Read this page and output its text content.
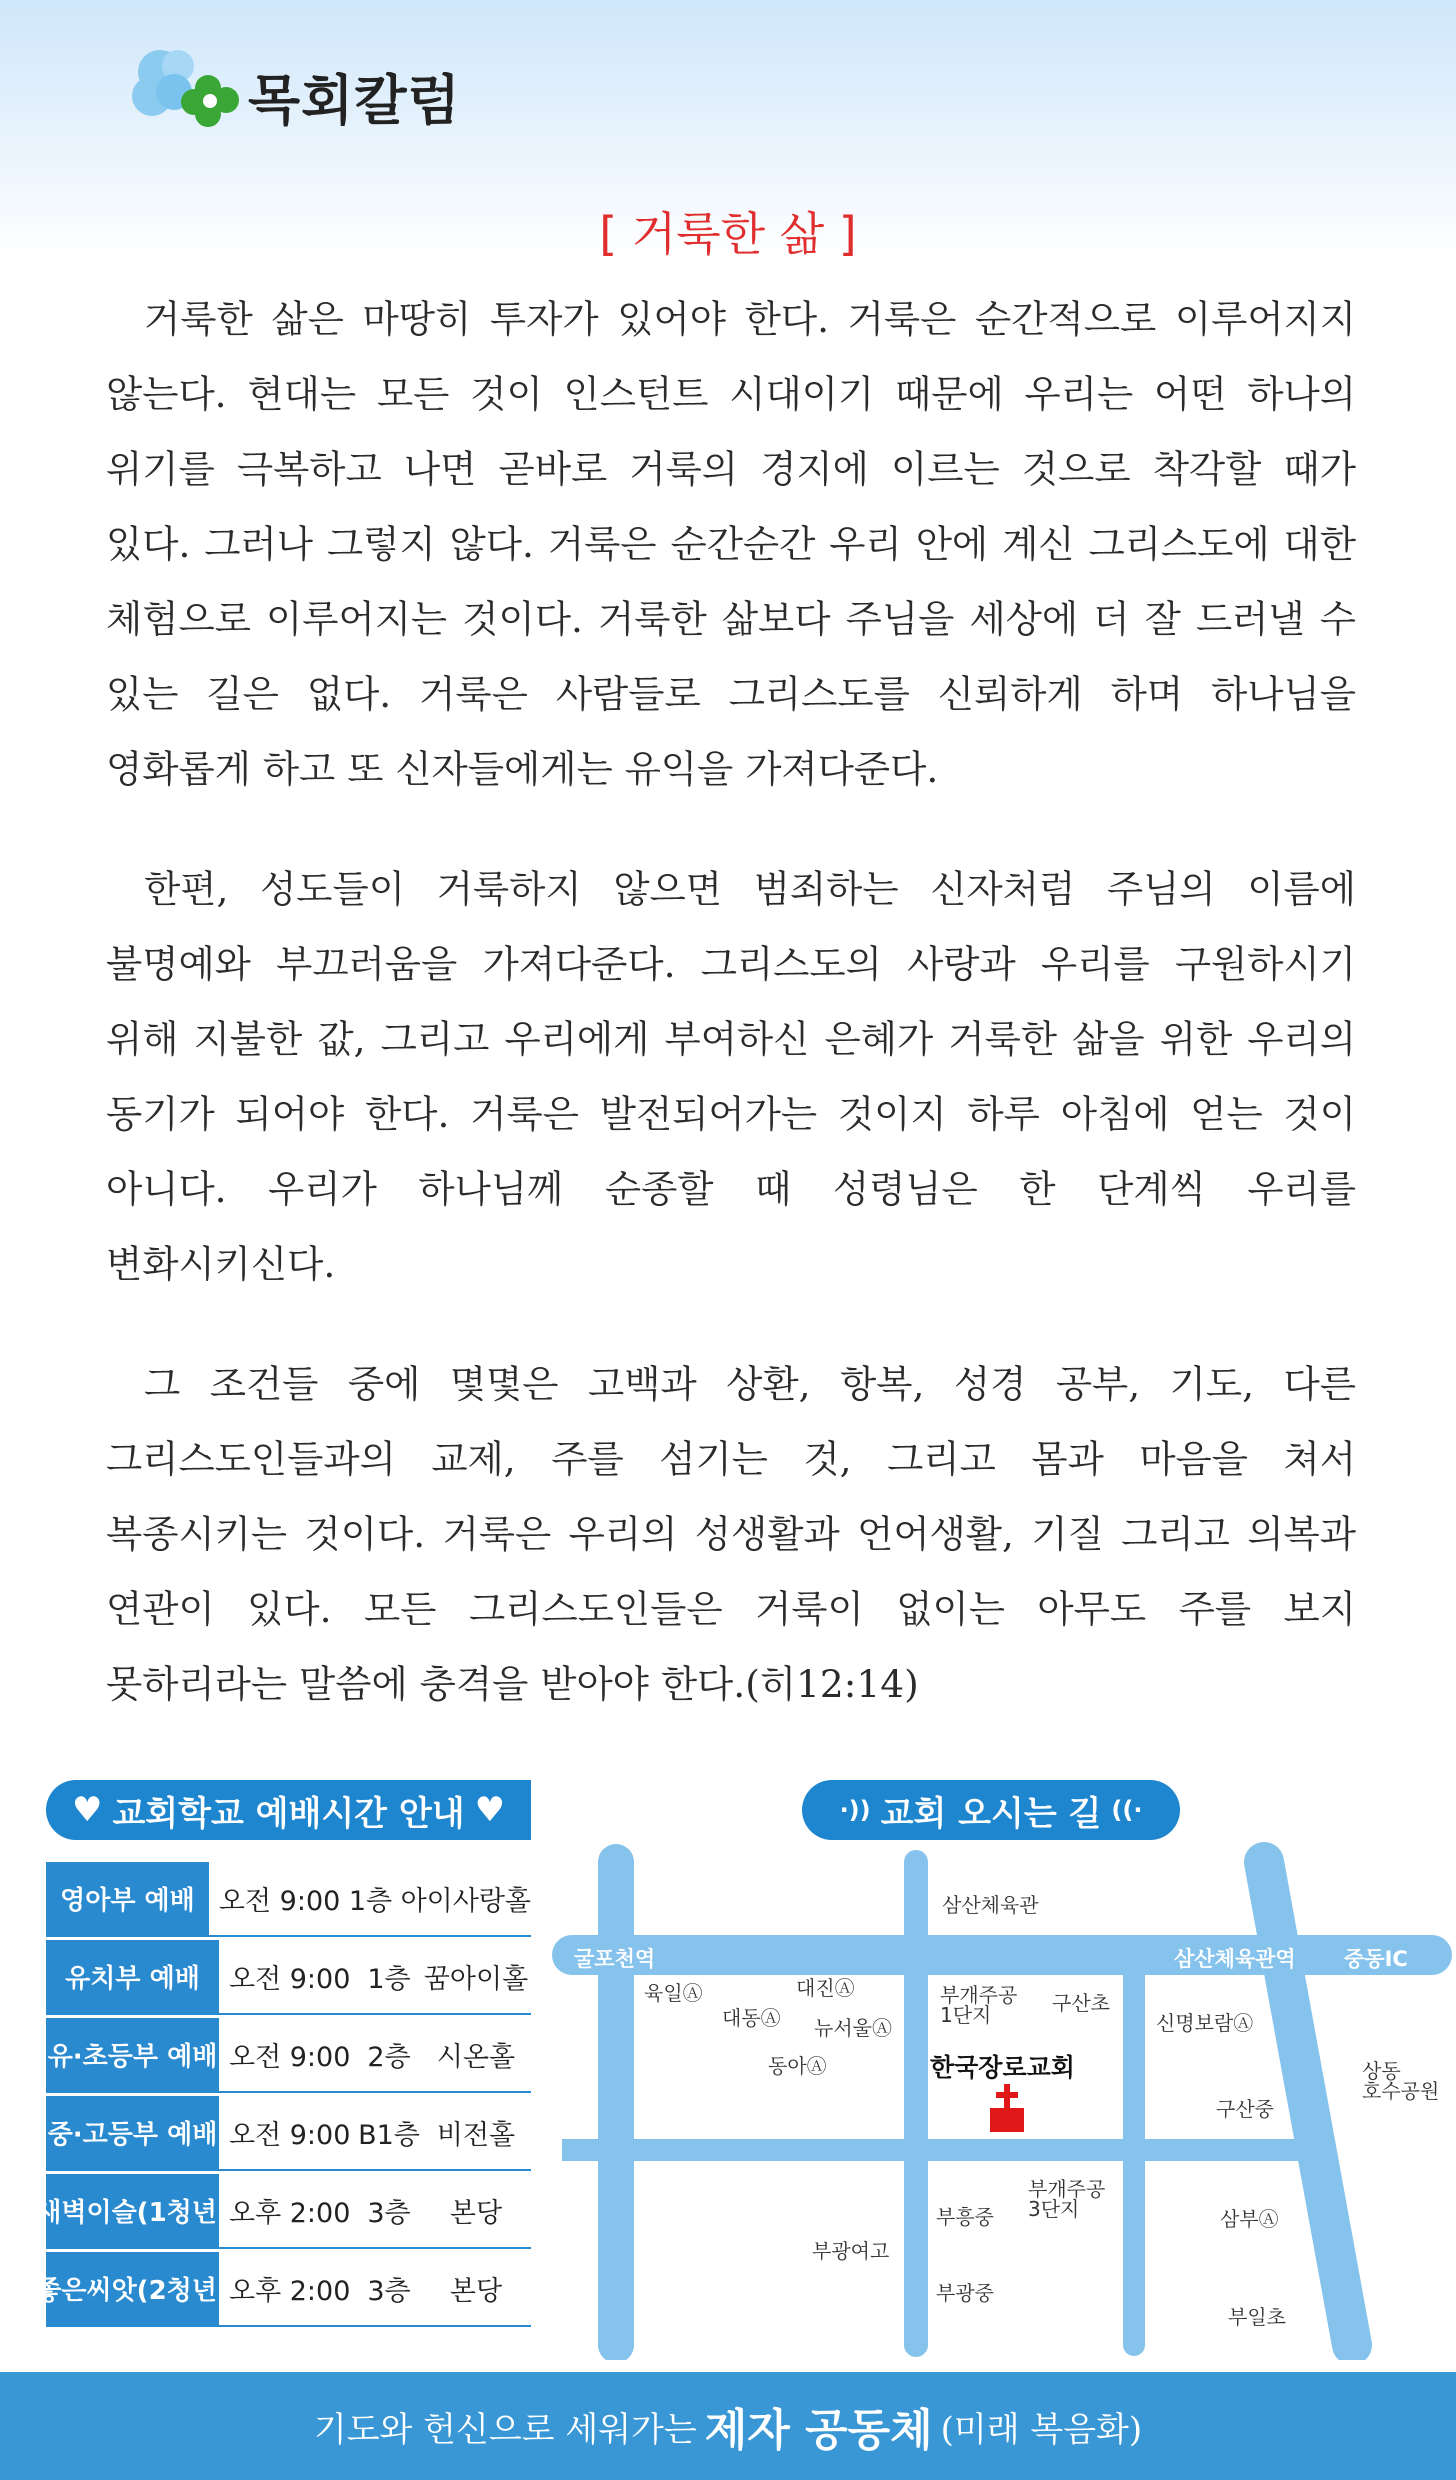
목회칼럼
[ 거룩한 삶 ]

거룩한 삶은 마땅히 투자가 있어야 한다. 거룩은 순간적으로 이루어지지 않는다. 현대는 모든 것이 인스턴트 시대이기 때문에 우리는 어떤 하나의 위기를 극복하고 나면 곧바로 거룩의 경지에 이르는 것으로 착각할 때가 있다. 그러나 그렇지 않다. 거룩은 순간순간 우리 안에 계신 그리스도에 대한 체험으로 이루어지는 것이다. 거룩한 삶보다 주님을 세상에 더 잘 드러낼 수 있는 길은 없다. 거룩은 사람들로 그리스도를 신뢰하게 하며 하나님을 영화롭게 하고 또 신자들에게는 유익을 가져다준다.

한편, 성도들이 거룩하지 않으면 범죄하는 신자처럼 주님의 이름에 불명예와 부끄러움을 가져다준다. 그리스도의 사랑과 우리를 구원하시기 위해 지불한 값, 그리고 우리에게 부여하신 은혜가 거룩한 삶을 위한 우리의 동기가 되어야 한다. 거룩은 발전되어가는 것이지 하루 아침에 얻는 것이 아니다. 우리가 하나님께 순종할 때 성령님은 한 단계씩 우리를 변화시키신다.

그 조건들 중에 몇몇은 고백과 상환, 항복, 성경 공부, 기도, 다른 그리스도인들과의 교제, 주를 섬기는 것, 그리고 몸과 마음을 쳐서 복종시키는 것이다. 거룩은 우리의 성생활과 언어생활, 기질 그리고 의복과 연관이 있다. 모든 그리스도인들은 거룩이 없이는 아무도 주를 보지 못하리라는 말씀에 충격을 받아야 한다.(히12:14)

♥ 교회학교 예배시간 안내 ♥
영아부 예배 오전 9:00 1층 아이사랑홀
유치부 예배	오전 9:00 1층 꿈아이홀
유·초등부 예배 오전 9:00 2층 시온홀
중·고등부 예배 오전 9:00 B1층 비전홀
새벽이슬(1청년) 오후 2:00 3층	본당
좋은씨앗(2청년) 오후 2:00 3층	본당
·)) 교회 오시는 길 ((·
굴포천역	삼산체육관역 중동IC
삼산체육관
육일Ⓐ	대진Ⓐ
대동Ⓐ 뉴서울Ⓐ
동아Ⓐ
부개주공 1단지	구산초
신명보람Ⓐ
구산중
상동 호수공원
부개주공 3단지
부흥중	삼부Ⓐ
부광여고
부광중
부일초
한국장로교회
기도와 헌신으로 세워가는 제자 공동체 (미래 복음화)
